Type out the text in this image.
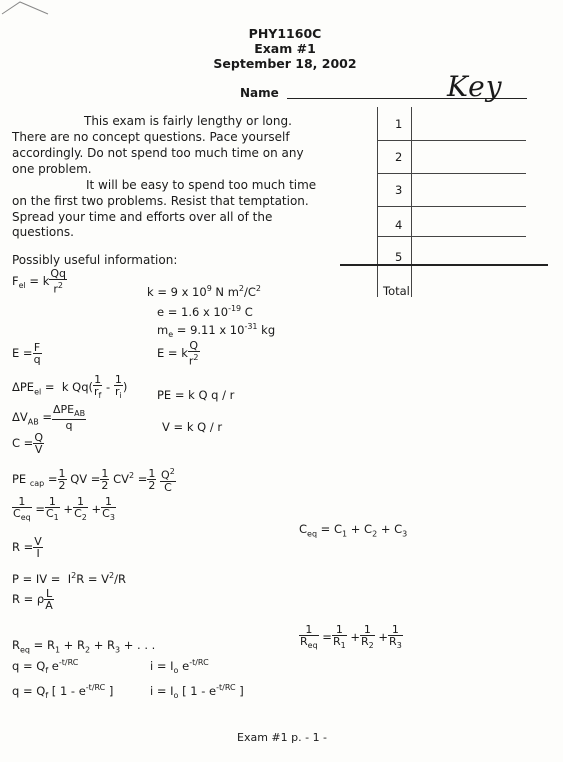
PHY1160C
Exam #1
September 18, 2002
Name	Key
This exam is fairly lengthy or long.
There are no concept questions. Pace yourself
accordingly. Do not spend too much time on any
one problem.
It will be easy to spend too much time
on the first two problems. Resist that temptation.
Spread your time and efforts over all of the
questions.
1
2
3
4
5
Total
Possibly useful information:
$F_{el} = k \frac{Qq}{r^2}$	k = 9 x $10^9$ N $m^2/C^2$
e = 1.6 x $10^{-19}$ C
$m_e = 9.11$ x $10^{-31}$ kg
$E = \frac{F}{q}$	E = k $\frac{Q}{r^2}$
$\Delta PE_{el} = k$ $Qq( \frac{1}{r_f} - \frac{1}{r_i}$ )
PE = k Q q / r
$\Delta V_{AB} = \frac{\Delta PE_{AB}}{q}$	V = k Q / r
$C = \frac{Q}{V}$
PE $_{cap} = \frac{1}{2}$ QV = $\frac{1}{2} CV^2 = \frac{1}{2}$
$\frac{Q^2}{C}$
$\frac{1}{C_{eq}} = \frac{1}{C_1} + \frac{1}{C_2} + \frac{1}{C_3}$
$C_{eq} = C_1 + C_2 + C_3$
$R = \frac{V}{I}$
P = IV =  $I^2R = V^2/R$
R = ρ $\frac{L}{A}$
$\frac{1}{R_{eq}} = \frac{1}{R_1} + \frac{1}{R_2} + \frac{1}{R_3}$
$R_{eq} = R_1 + R_2 + R_3$ + . . .
$q = Q_f$ $e^{-t/RC}$	$i = I_o$ $e^{-t/RC}$
$q = Q_f$ [ $1 - e^{-t/RC}$ ]	$i = I_o$ [ $1 - e^{-t/RC}$ ]
Exam #1 p. - 1 -
